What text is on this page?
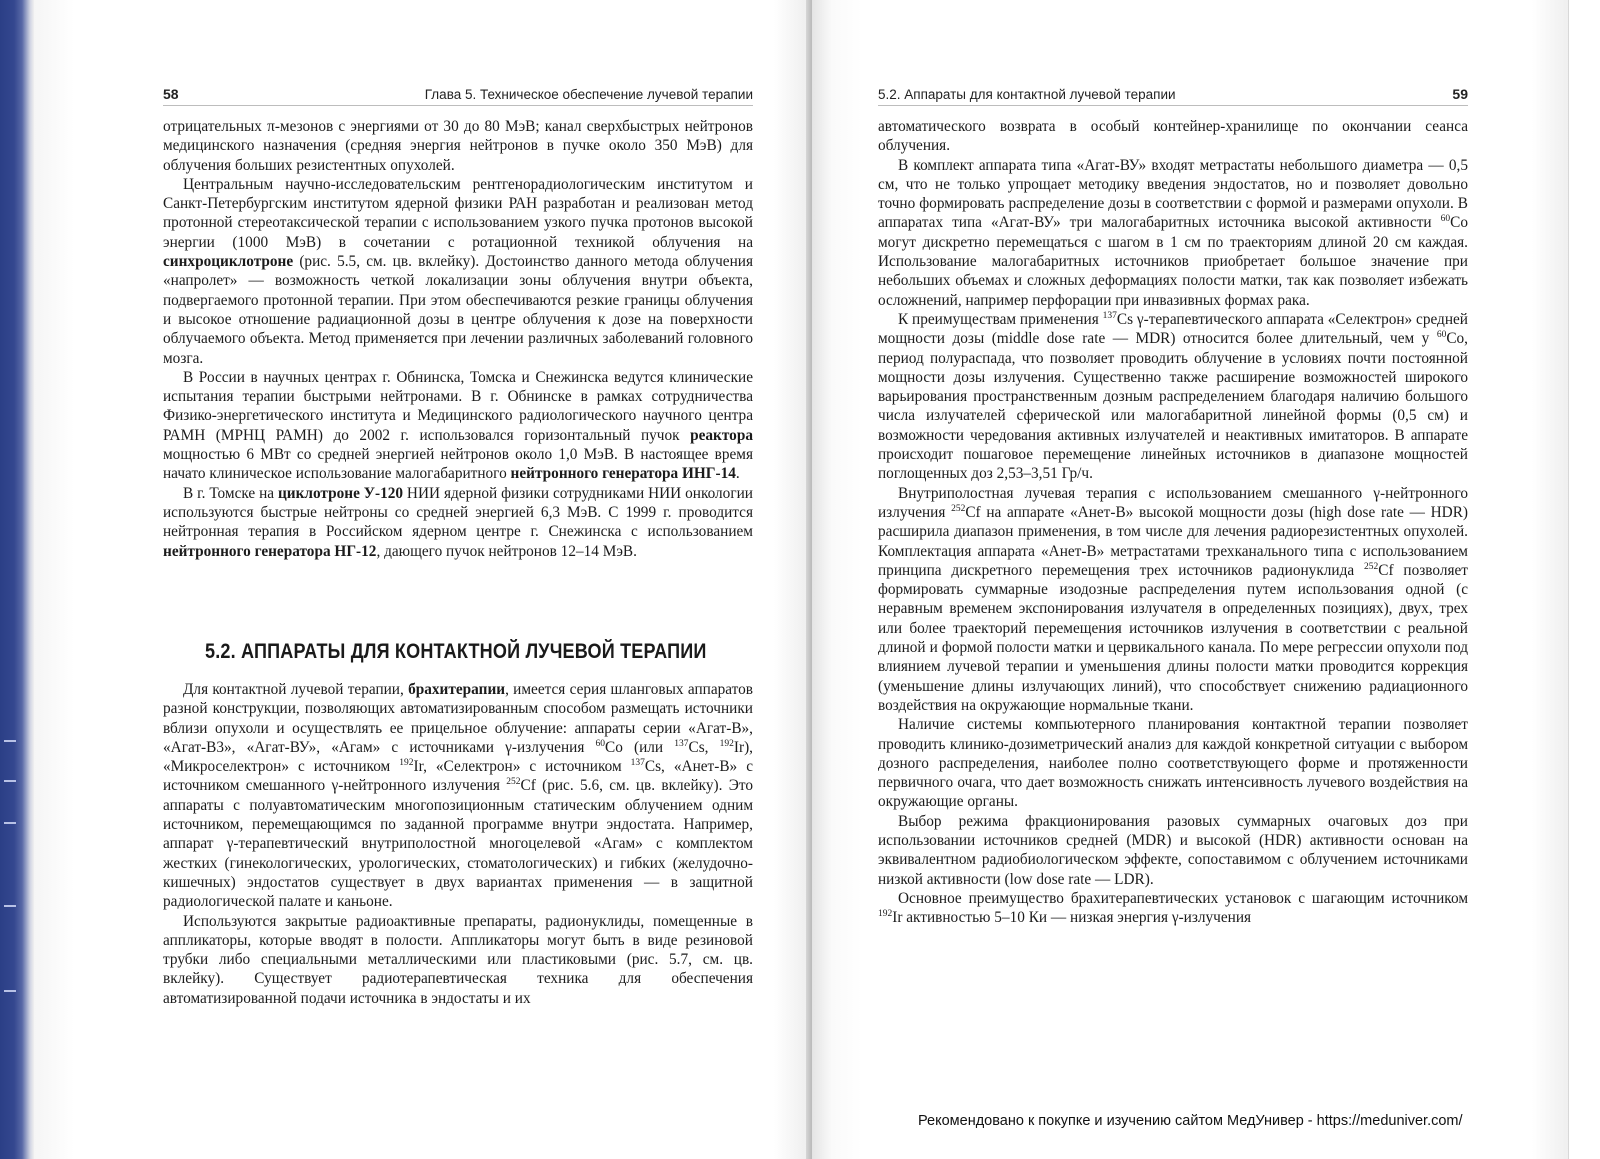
58	Глава 5. Техническое обеспечение лучевой терапии	5.2. Аппараты для контактной лучевой терапии	59

отрицательных π-мезонов с энергиями от 30 до 80 МэВ; канал сверхбыстрых нейтронов медицинского назначения (средняя энергия нейтронов в пучке около 350 МэВ) для облучения больших резистентных опухолей.

Центральным научно-исследовательским рентгенорадиологическим институтом и Санкт-Петербургским институтом ядерной физики РАН разработан и реализован метод протонной стереотаксической терапии с использованием узкого пучка протонов высокой энергии (1000 МэВ) в сочетании с ротационной техникой облучения на синхроциклотроне (рис. 5.5, см. цв. вклейку). Достоинство данного метода облучения «напролет» — возможность четкой локализации зоны облучения внутри объекта, подвергаемого протонной терапии. При этом обеспечиваются резкие границы облучения и высокое отношение радиационной дозы в центре облучения к дозе на поверхности облучаемого объекта. Метод применяется при лечении различных заболеваний головного мозга.

В России в научных центрах г. Обнинска, Томска и Снежинска ведутся клинические испытания терапии быстрыми нейтронами. В г. Обнинске в рамках сотрудничества Физико-энергетического института и Медицинского радиологического научного центра РАМН (МРНЦ РАМН) до 2002 г. использовался горизонтальный пучок реактора мощностью 6 МВт со средней энергией нейтронов около 1,0 МэВ. В настоящее время начато клиническое использование малогабаритного нейтронного генератора ИНГ-14.

В г. Томске на циклотроне У-120 НИИ ядерной физики сотрудниками НИИ онкологии используются быстрые нейтроны со средней энергией 6,3 МэВ. С 1999 г. проводится нейтронная терапия в Российском ядерном центре г. Снежинска с использованием нейтронного генератора НГ-12, дающего пучок нейтронов 12–14 МэВ.

5.2. АППАРАТЫ ДЛЯ КОНТАКТНОЙ ЛУЧЕВОЙ ТЕРАПИИ

Для контактной лучевой терапии, брахитерапии, имеется серия шланговых аппаратов разной конструкции, позволяющих автоматизированным способом размещать источники вблизи опухоли и осуществлять ее прицельное облучение: аппараты серии «Агат-В», «Агат-В3», «Агат-ВУ», «Агам» с источниками γ-излучения $^{60}$Co (или $^{137}$Cs, $^{192}$Ir), «Микроселектрон» с источником $^{192}$Ir, «Селектрон» с источником $^{137}$Cs, «Анет-В» с источником смешанного γ-нейтронного излучения $^{252}$Cf (рис. 5.6, см. цв. вклейку). Это аппараты с полуавтоматическим многопозиционным статическим облучением одним источником, перемещающимся по заданной программе внутри эндостата. Например, аппарат γ-терапевтический внутриполостной многоцелевой «Агам» с комплектом жестких (гинекологических, урологических, стоматологических) и гибких (желудочно-кишечных) эндостатов существует в двух вариантах применения — в защитной радиологической палате и каньоне.

Используются закрытые радиоактивные препараты, радионуклиды, помещенные в аппликаторы, которые вводят в полости. Аппликаторы могут быть в виде резиновой трубки либо специальными металлическими или пластиковыми (рис. 5.7, см. цв. вклейку). Существует радиотерапевтическая техника для обеспечения автоматизированной подачи источника в эндостаты и их

автоматического возврата в особый контейнер-хранилище по окончании сеанса облучения.

В комплект аппарата типа «Агат-ВУ» входят метрастаты небольшого диаметра — 0,5 см, что не только упрощает методику введения эндостатов, но и позволяет довольно точно формировать распределение дозы в соответствии с формой и размерами опухоли. В аппаратах типа «Агат-ВУ» три малогабаритных источника высокой активности $^{60}$Co могут дискретно перемещаться с шагом в 1 см по траекториям длиной 20 см каждая. Использование малогабаритных источников приобретает большое значение при небольших объемах и сложных деформациях полости матки, так как позволяет избежать осложнений, например перфорации при инвазивных формах рака.

К преимуществам применения $^{137}$Cs γ-терапевтического аппарата «Селектрон» средней мощности дозы (middle dose rate — MDR) относится более длительный, чем у $^{60}$Co, период полураспада, что позволяет проводить облучение в условиях почти постоянной мощности дозы излучения. Существенно также расширение возможностей широкого варьирования пространственным дозным распределением благодаря наличию большого числа излучателей сферической или малогабаритной линейной формы (0,5 см) и возможности чередования активных излучателей и неактивных имитаторов. В аппарате происходит пошаговое перемещение линейных источников в диапазоне мощностей поглощенных доз 2,53–3,51 Гр/ч.

Внутриполостная лучевая терапия с использованием смешанного γ-нейтронного излучения $^{252}$Cf на аппарате «Анет-В» высокой мощности дозы (high dose rate — HDR) расширила диапазон применения, в том числе для лечения радиорезистентных опухолей. Комплектация аппарата «Анет-В» метрастатами трехканального типа с использованием принципа дискретного перемещения трех источников радионуклида $^{252}$Cf позволяет формировать суммарные изодозные распределения путем использования одной (с неравным временем экспонирования излучателя в определенных позициях), двух, трех или более траекторий перемещения источников излучения в соответствии с реальной длиной и формой полости матки и цервикального канала. По мере регрессии опухоли под влиянием лучевой терапии и уменьшения длины полости матки проводится коррекция (уменьшение длины излучающих линий), что способствует снижению радиационного воздействия на окружающие нормальные ткани.

Наличие системы компьютерного планирования контактной терапии позволяет проводить клинико-дозиметрический анализ для каждой конкретной ситуации с выбором дозного распределения, наиболее полно соответствующего форме и протяженности первичного очага, что дает возможность снижать интенсивность лучевого воздействия на окружающие органы.

Выбор режима фракционирования разовых суммарных очаговых доз при использовании источников средней (MDR) и высокой (HDR) активности основан на эквивалентном радиобиологическом эффекте, сопоставимом с облучением источниками низкой активности (low dose rate — LDR).

Основное преимущество брахитерапевтических установок с шагающим источником $^{192}$Ir активностью 5–10 Ки — низкая энергия γ-излучения

Рекомендовано к покупке и изучению сайтом МедУнивер - https://meduniver.com/
